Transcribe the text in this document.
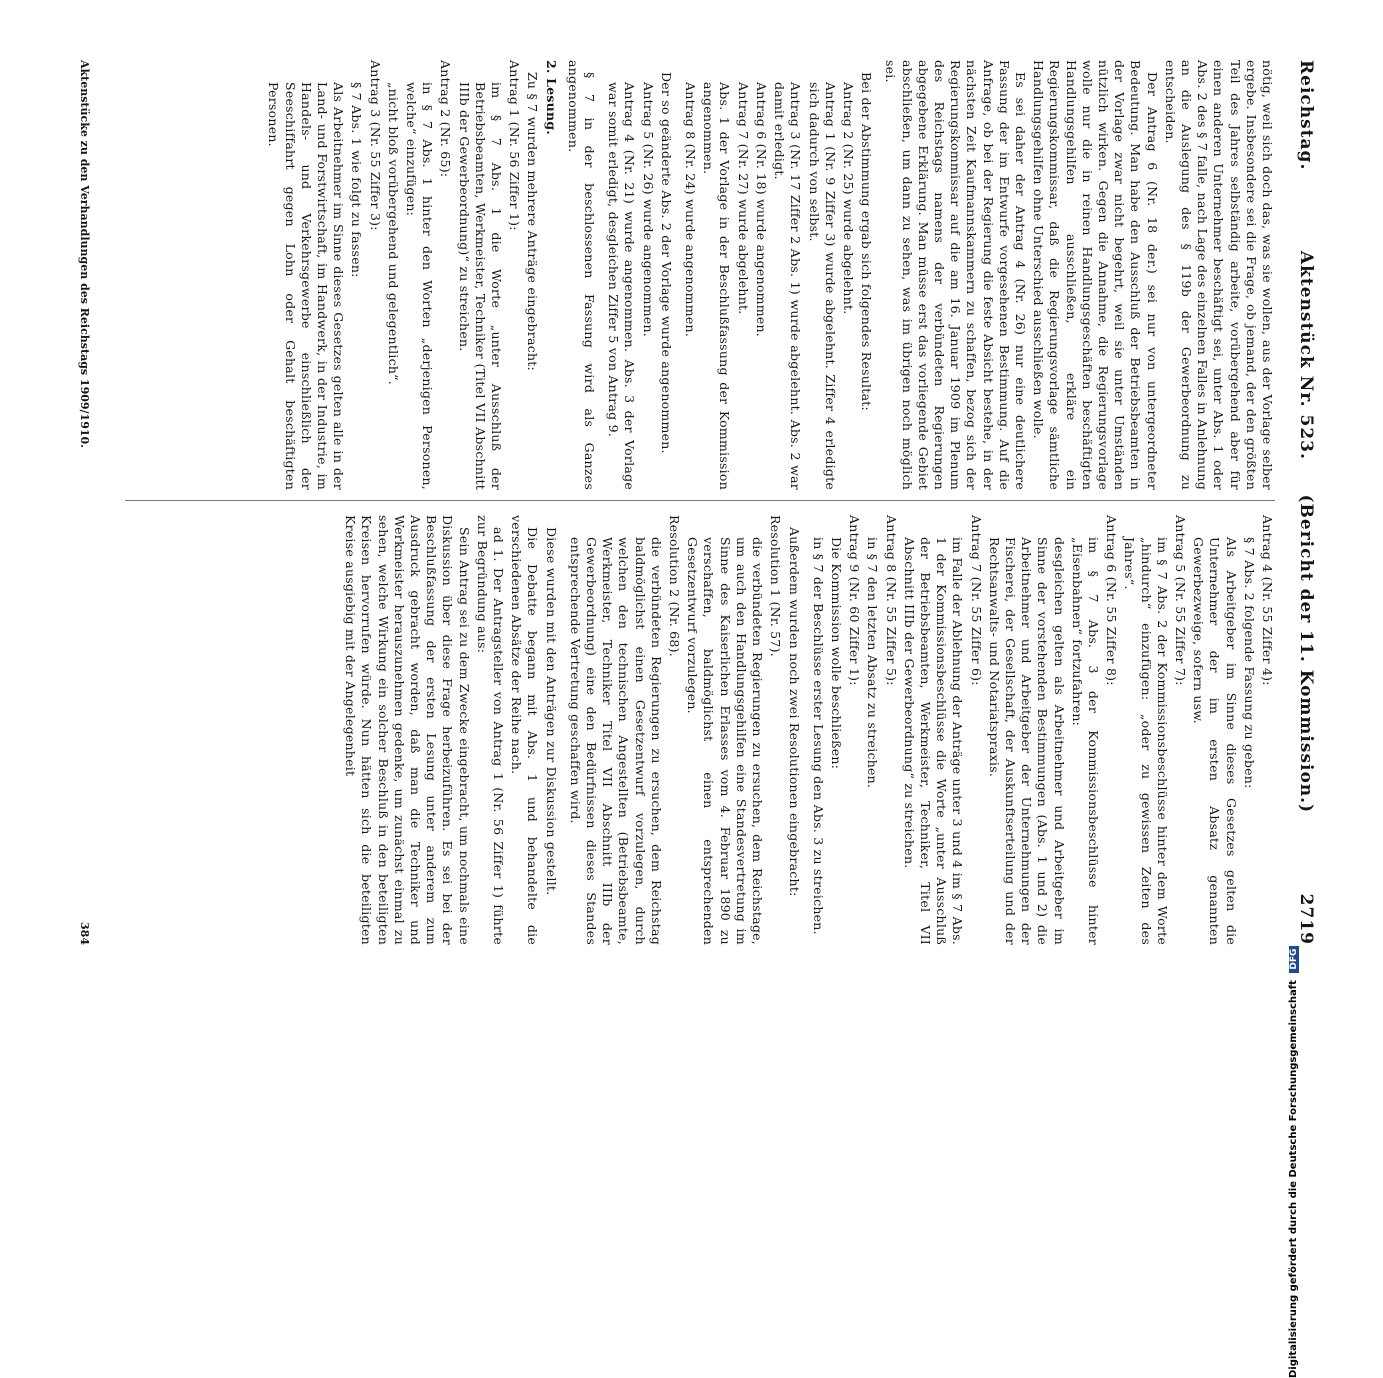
Reichstag.
Aktenstück Nr. 523.     (Bericht der 11. Kommission.)
2719

nötig, weil sich doch das, was sie wollen, aus der Vorlage selber ergebe. Insbesondere sei die Frage, ob jemand, der den größten Teil des Jahres selbständig arbeite, vorübergehend aber für einen anderen Unternehmer beschäftigt sei, unter Abs. 1 oder Abs. 2 des § 7 falle, nach Lage des einzelnen Falles in Anlehnung an die Auslegung des § 119b der Gewerbeordnung zu entscheiden.

Der Antrag 6 (Nr. 18 der.) sei nur von untergeordneter Bedeutung. Man habe den Ausschluß der Betriebsbeamten in der Vorlage zwar nicht begehrt, weil sie unter Umständen nützlich wirken. Gegen die Annahme, die Regierungsvorlage wolle nur die in reinen Handlungsgeschäften beschäftigten Handlungsgehilfen ausschließen, erkläre ein Regierungskommissar, daß die Regierungsvorlage sämtliche Handlungsgehilfen ohne Unterschied ausschließen wolle.

Es sei daher der Antrag 4 (Nr. 26) nur eine deutlichere Fassung der im Entwurfe vorgesehenen Bestimmung. Auf die Anfrage, ob bei der Regierung die feste Absicht bestehe, in der nächsten Zeit Kaufmannskammern zu schaffen, bezog sich der Regierungskommissar auf die am 16. Januar 1909 im Plenum des Reichstags namens der verbündeten Regierungen abgegebene Erklärung. Man müsse erst das vorliegende Gebiet abschließen, um dann zu sehen, was im übrigen noch möglich sei.

Bei der Abstimmung ergab sich folgendes Resultat:

Antrag 2 (Nr. 25) wurde abgelehnt.

Antrag 1 (Nr. 9 Ziffer 3) wurde abgelehnt. Ziffer 4 erledigte sich dadurch von selbst.

Antrag 3 (Nr. 17 Ziffer 2 Abs. 1) wurde abgelehnt. Abs. 2 war damit erledigt.

Antrag 6 (Nr. 18) wurde angenommen.

Antrag 7 (Nr. 27) wurde abgelehnt.

Abs. 1 der Vorlage in der Beschlußfassung der Kommission angenommen.

Antrag 8 (Nr. 24) wurde angenommen.

Der so geänderte Abs. 2 der Vorlage wurde angenommen.

Antrag 5 (Nr. 26) wurde angenommen.

Antrag 4 (Nr. 21) wurde angenommen. Abs. 3 der Vorlage war somit erledigt, desgleichen Ziffer 5 von Antrag 9.

§ 7 in der beschlossenen Fassung wird als Ganzes angenommen.

2. Lesung.

Zu § 7 wurden mehrere Anträge eingebracht:

Antrag 1 (Nr. 56 Ziffer 1):

im § 7 Abs. 1 die Worte „unter Ausschluß der Betriebsbeamten, Werkmeister, Techniker (Titel VII Abschnitt IIIb der Gewerbeordnung)“ zu streichen.

Antrag 2 (Nr. 65):

in § 7 Abs. 1 hinter den Worten „derjenigen Personen, welche“ einzufügen:

„nicht bloß vorübergehend und gelegentlich“.

Antrag 3 (Nr. 55 Ziffer 3):

§ 7 Abs. 1 wie folgt zu fassen:

Als Arbeitnehmer im Sinne dieses Gesetzes gelten alle in der Land- und Forstwirtschaft, im Handwerk, in der Industrie, im Handels- und Verkehrsgewerbe einschließlich der Seeschiffahrt gegen Lohn oder Gehalt beschäftigten Personen.

Antrag 4 (Nr. 55 Ziffer 4):

§ 7 Abs. 2 folgende Fassung zu geben:

Als Arbeitgeber im Sinne dieses Gesetzes gelten die Unternehmer der im ersten Absatz genannten Gewerbezweige, sofern usw.

Antrag 5 (Nr. 55 Ziffer 7):

im § 7 Abs. 2 der Kommissionsbeschlüsse hinter dem Worte „hindurch“ einzufügen: „oder zu gewissen Zeiten des Jahres“.

Antrag 6 (Nr. 55 Ziffer 8):

im § 7 Abs. 3 der Kommissionsbeschlüsse hinter „Eisenbahnen“ fortzufahren:

desgleichen gelten als Arbeitnehmer und Arbeitgeber im Sinne der vorstehenden Bestimmungen (Abs. 1 und 2) die Arbeitnehmer und Arbeitgeber der Unternehmungen der Fischerei, der Gesellschaft, der Auskunftserteilung und der Rechtsanwalts- und Notariatspraxis.

Antrag 7 (Nr. 55 Ziffer 6):

im Falle der Ablehnung der Anträge unter 3 und 4 im § 7 Abs. 1 der Kommissionsbeschlüsse die Worte „unter Ausschluß der Betriebsbeamten, Werkmeister, Techniker, Titel VII Abschnitt IIIb der Gewerbeordnung“ zu streichen.

Antrag 8 (Nr. 55 Ziffer 5):

in § 7 den letzten Absatz zu streichen.

Antrag 9 (Nr. 60 Ziffer 1):

Die Kommission wolle beschließen:

in § 7 der Beschlüsse erster Lesung den Abs. 3 zu streichen.

Außerdem wurden noch zwei Resolutionen eingebracht:

Resolution 1 (Nr. 57).

die verbündeten Regierungen zu ersuchen, dem Reichstage, um auch den Handlungsgehilfen eine Standesvertretung im Sinne des Kaiserlichen Erlasses vom 4. Februar 1890 zu verschaffen, baldmöglichst einen entsprechenden Gesetzentwurf vorzulegen.

Resolution 2 (Nr. 68).

die verbündeten Regierungen zu ersuchen, dem Reichstag baldmöglichst einen Gesetzentwurf vorzulegen, durch welchen den technischen Angestellten (Betriebsbeamte, Werkmeister, Techniker Titel VII Abschnitt IIIb der Gewerbeordnung) eine den Bedürfnissen dieses Standes entsprechende Vertretung geschaffen wird.

Diese wurden mit den Anträgen zur Diskussion gestellt.

Die Debatte begann mit Abs. 1 und behandelte die verschiedenen Absätze der Reihe nach.

ad 1. Der Antragsteller von Antrag 1 (Nr. 56 Ziffer 1) führte zur Begründung aus:

Sein Antrag sei zu dem Zwecke eingebracht, um nochmals eine Diskussion über diese Frage herbeizuführen. Es sei bei der Beschlußfassung der ersten Lesung unter anderem zum Ausdruck gebracht worden, daß man die Techniker und Werkmeister herauszunehmen gedenke, um zunächst einmal zu sehen, welche Wirkung ein solcher Beschluß in den beteiligten Kreisen hervorrufen würde. Nun hätten sich die beteiligten Kreise ausgiebig mit der Angelegenheit

Aktenstücke zu den Verhandlungen des Reichstags 1909/1910.
384
Digitalisierung gefördert durch die Deutsche Forschungsgemeinschaft DFG
